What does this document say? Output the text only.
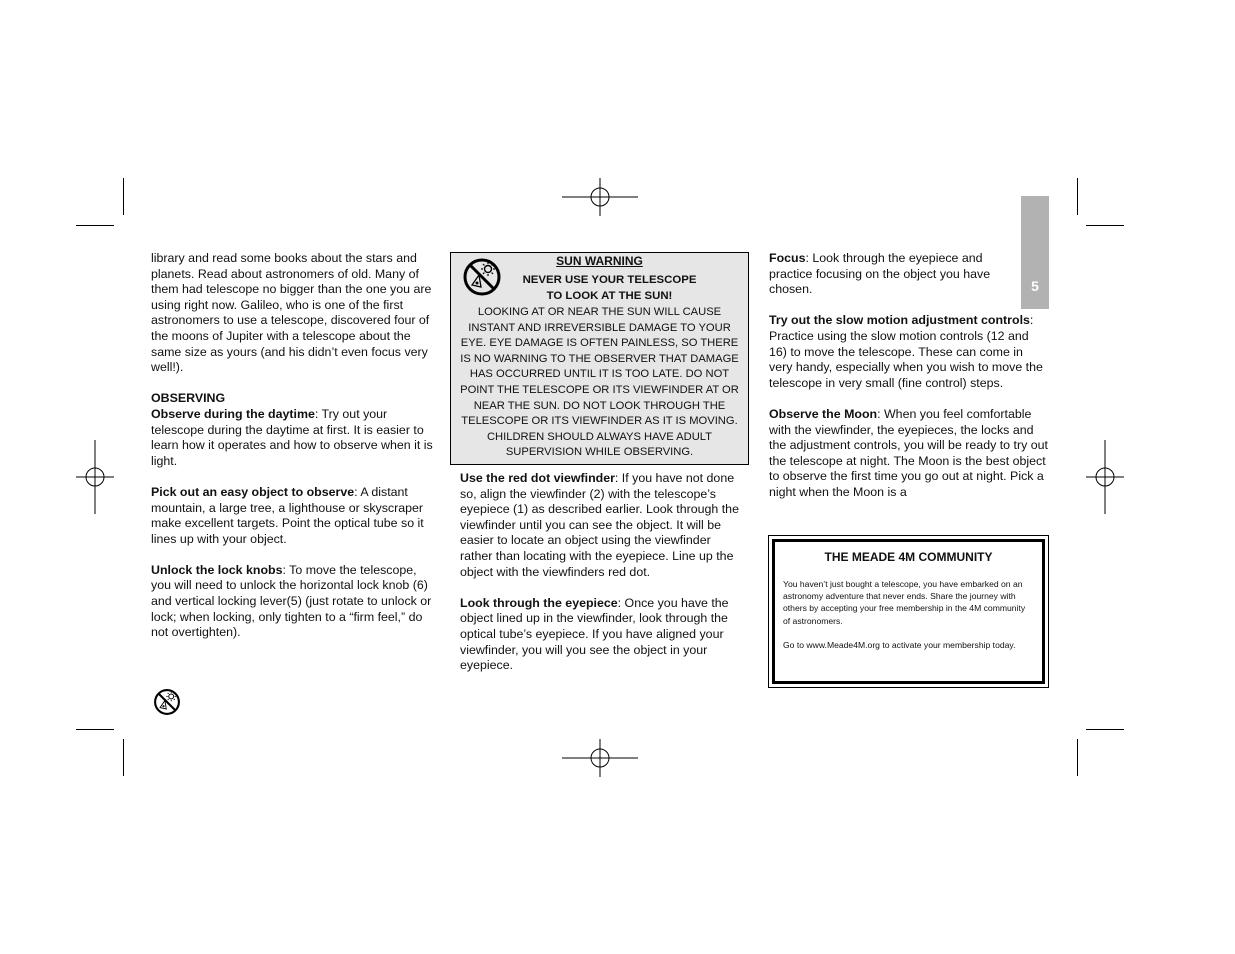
5

library and read some books about the stars and planets. Read about astronomers of old. Many of them had telescope no bigger than the one you are using right now. Galileo, who is one of the first astronomers to use a telescope, discovered four of the moons of Jupiter with a telescope about the same size as yours (and his didn’t even focus very well!).

OBSERVING

Observe during the daytime: Try out your telescope during the daytime at first. It is easier to learn how it operates and how to observe when it is light.

Pick out an easy object to observe: A distant mountain, a large tree, a lighthouse or skyscraper make excellent targets. Point the optical tube so it lines up with your object.

Unlock the lock knobs: To move the telescope, you will need to unlock the horizontal lock knob (6) and vertical locking lever(5) (just rotate to unlock or lock; when locking, only tighten to a “firm feel,” do not overtighten).

SUN WARNING
NEVER USE YOUR TELESCOPE
TO LOOK AT THE SUN!
LOOKING AT OR NEAR THE SUN WILL CAUSE INSTANT AND IRREVERSIBLE DAMAGE TO YOUR EYE. EYE DAMAGE IS OFTEN PAINLESS, SO THERE IS NO WARNING TO THE OBSERVER THAT DAMAGE HAS OCCURRED UNTIL IT IS TOO LATE. DO NOT POINT THE TELESCOPE OR ITS VIEWFINDER AT OR NEAR THE SUN. DO NOT LOOK THROUGH THE TELESCOPE OR ITS VIEWFINDER AS IT IS MOVING. CHILDREN SHOULD ALWAYS HAVE ADULT SUPERVISION WHILE OBSERVING.

Use the red dot viewfinder: If you have not done so, align the viewfinder (2) with the telescope’s eyepiece (1) as described earlier. Look through the viewfinder until you can see the object. It will be easier to locate an object using the viewfinder rather than locating with the eyepiece. Line up the object with the viewfinders red dot.

Look through the eyepiece: Once you have the object lined up in the viewfinder, look through the optical tube’s eyepiece. If you have aligned your viewfinder, you will you see the object in your eyepiece.

Focus: Look through the eyepiece and practice focusing on the object you have chosen.

Try out the slow motion adjustment controls: Practice using the slow motion controls (12 and 16) to move the telescope. These can come in very handy, especially when you wish to move the telescope in very small (fine control) steps.

Observe the Moon: When you feel comfortable with the viewfinder, the eyepieces, the locks and the adjustment controls, you will be ready to try out the telescope at night. The Moon is the best object to observe the first time you go out at night. Pick a night when the Moon is a

THE MEADE 4M COMMUNITY

You haven’t just bought a telescope, you have embarked on an astronomy adventure that never ends. Share the journey with others by accepting your free membership in the 4M community of astronomers.

Go to www.Meade4M.org to activate your membership today.
